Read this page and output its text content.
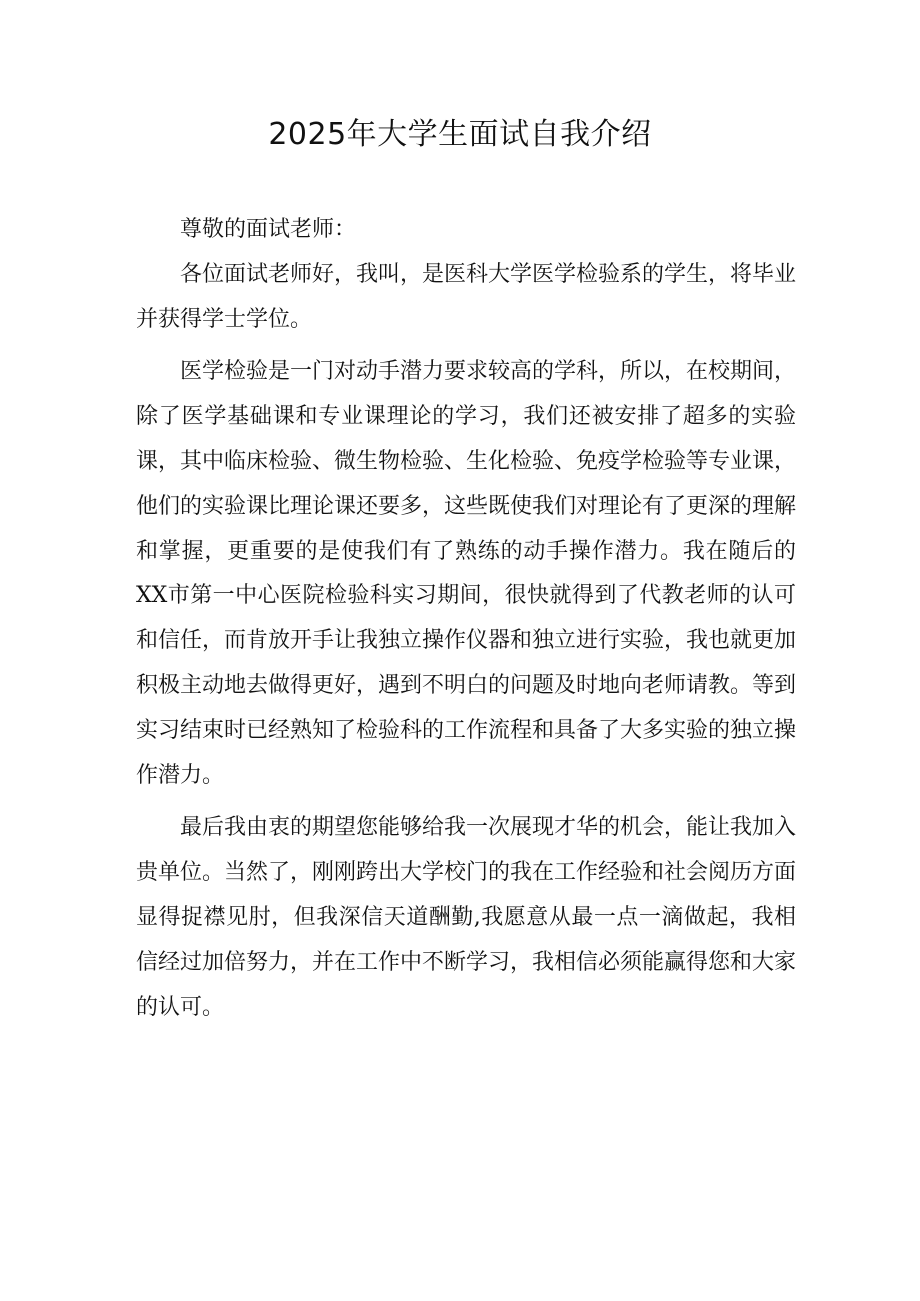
2025年大学生面试自我介绍

尊敬的面试老师：

各位面试老师好，我叫，是医科大学医学检验系的学生，将毕业并获得学士学位。

医学检验是一门对动手潜力要求较高的学科，所以，在校期间，除了医学基础课和专业课理论的学习，我们还被安排了超多的实验课，其中临床检验、微生物检验、生化检验、免疫学检验等专业课，他们的实验课比理论课还要多，这些既使我们对理论有了更深的理解和掌握，更重要的是使我们有了熟练的动手操作潜力。我在随后的XX市第一中心医院检验科实习期间，很快就得到了代教老师的认可和信任，而肯放开手让我独立操作仪器和独立进行实验，我也就更加积极主动地去做得更好，遇到不明白的问题及时地向老师请教。等到实习结束时已经熟知了检验科的工作流程和具备了大多实验的独立操作潜力。

最后我由衷的期望您能够给我一次展现才华的机会，能让我加入贵单位。当然了，刚刚跨出大学校门的我在工作经验和社会阅历方面显得捉襟见肘，但我深信天道酬勤,我愿意从最一点一滴做起，我相信经过加倍努力，并在工作中不断学习，我相信必须能赢得您和大家的认可。
